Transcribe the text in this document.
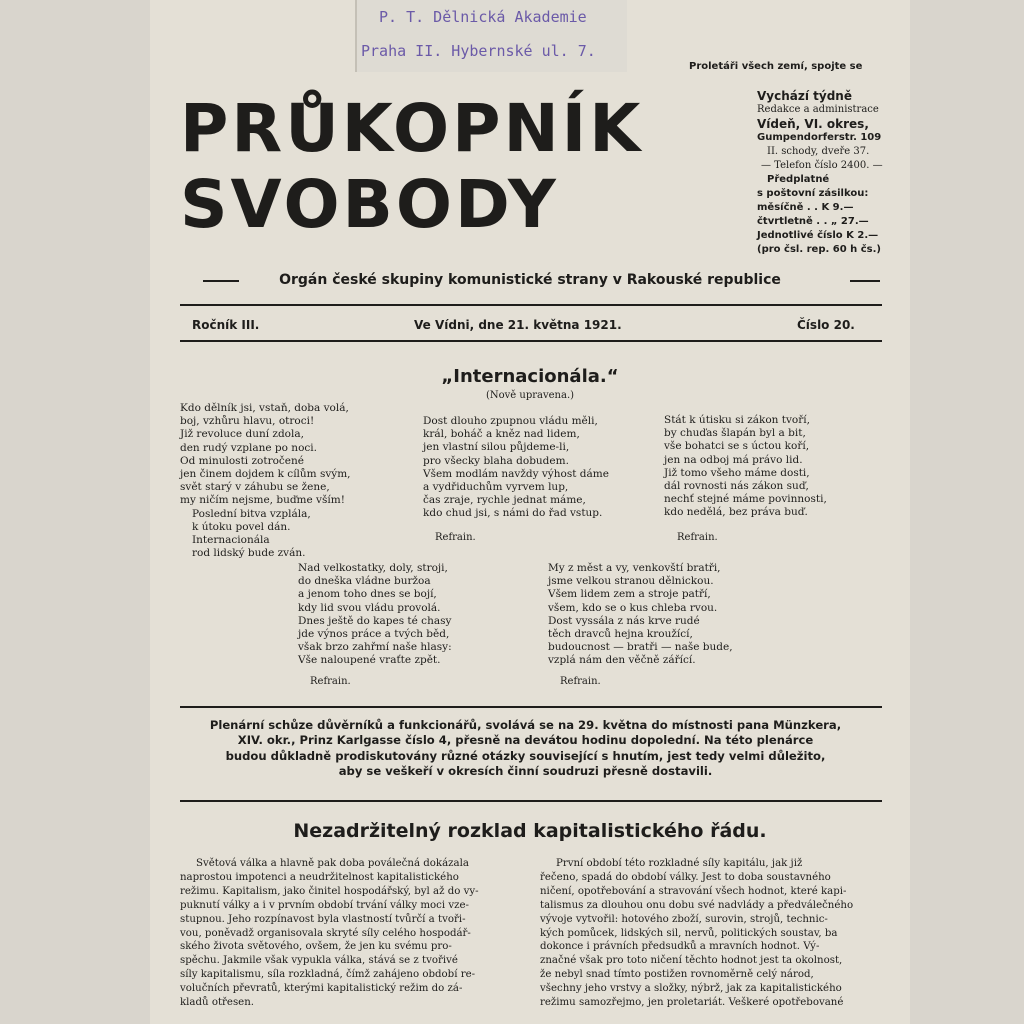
P. T. Dělnická Akademie
Praha II. Hybernské ul. 7.
Proletáři všech zemí, spojte se
PRŮKOPNÍK
SVOBODY
Vychází týdně
Redakce a administrace
Vídeň, VI. okres,
Gumpendorferstr. 109
II. schody, dveře 37.
— Telefon číslo 2400. —
Předplatné
s poštovní zásilkou:
měsíčně . . K 9.—
čtvrtletně . . „ 27.—
Jednotlivé číslo K 2.—
(pro čsl. rep. 60 h čs.)
Orgán české skupiny komunistické strany v Rakouské republice
Ročník III.	Ve Vídni, dne 21. května 1921.	Číslo 20.
„Internacionála.“
(Nově upravena.)
Kdo dělník jsi, vstaň, doba volá,
boj, vzhůru hlavu, otroci!
Již revoluce duní zdola,
den rudý vzplane po noci.
Od minulosti zotročené
jen činem dojdem k cílům svým,
svět starý v záhubu se žene,
my ničím nejsme, buďme vším!
Poslední bitva vzplála,
k útoku povel dán.
Internacionála
rod lidský bude zván.
Dost dlouho zpupnou vládu měli,
král, boháč a kněz nad lidem,
jen vlastní silou půjdeme-li,
pro všecky blaha dobudem.
Všem modlám navždy výhost dáme
a vydřiduchům vyrvem lup,
čas zraje, rychle jednat máme,
kdo chud jsi, s námi do řad vstup.
Refrain.
Stát k útisku si zákon tvoří,
by chuďas šlapán byl a bit,
vše bohatci se s úctou koří,
jen na odboj má právo lid.
Již tomo všeho máme dosti,
dál rovnosti nás zákon suď,
nechť stejné máme povinnosti,
kdo nedělá, bez práva buď.
Refrain.
Nad velkostatky, doly, stroji,
do dneška vládne buržoa
a jenom toho dnes se bojí,
kdy lid svou vládu provolá.
Dnes ještě do kapes té chasy
jde výnos práce a tvých běd,
však brzo zahřmí naše hlasy:
Vše naloupené vraťte zpět.
Refrain.
My z měst a vy, venkovští bratři,
jsme velkou stranou dělnickou.
Všem lidem zem a stroje patří,
všem, kdo se o kus chleba rvou.
Dost vyssála z nás krve rudé
těch dravců hejna kroužící,
budoucnost — bratři — naše bude,
vzplá nám den věčně zářící.
Refrain.
Plenární schůze důvěrníků a funkcionářů, svolává se na 29. května do místnosti pana Münzkera,
XIV. okr., Prinz Karlgasse číslo 4, přesně na devátou hodinu dopolední. Na této plenárce
budou důkladně prodiskutovány různé otázky související s hnutím, jest tedy velmi důležito,
aby se veškeří v okresích činní soudruzi přesně dostavili.
Nezadržitelný rozklad kapitalistického řádu.
Světová válka a hlavně pak doba poválečná dokázala
naprostou impotenci a neudržitelnost kapitalistického
režimu. Kapitalism, jako činitel hospodářský, byl až do vy-
puknutí války a i v prvním období trvání války moci vze-
stupnou. Jeho rozpínavost byla vlastností tvůrčí a tvoři-
vou, poněvadž organisovala skryté síly celého hospodář-
ského života světového, ovšem, že jen ku svému pro-
spěchu. Jakmile však vypukla válka, stává se z tvořivé
síly kapitalismu, síla rozkladná, čímž zahájeno období re-
volučních převratů, kterými kapitalistický režim do zá-
kladů otřesen.
První období této rozkladné síly kapitálu, jak již
řečeno, spadá do období války. Jest to doba soustavného
ničení, opotřebování a stravování všech hodnot, které kapi-
talismus za dlouhou onu dobu své nadvlády a předválečného
vývoje vytvořil: hotového zboží, surovin, strojů, technic-
kých pomůcek, lidských sil, nervů, politických soustav, ba
dokonce i právních předsudků a mravních hodnot. Vý-
značné však pro toto ničení těchto hodnot jest ta okolnost,
že nebyl snad tímto postižen rovnoměrně celý národ,
všechny jeho vrstvy a složky, nýbrž, jak za kapitalistického
režimu samozřejmo, jen proletariát. Veškeré opotřebované
